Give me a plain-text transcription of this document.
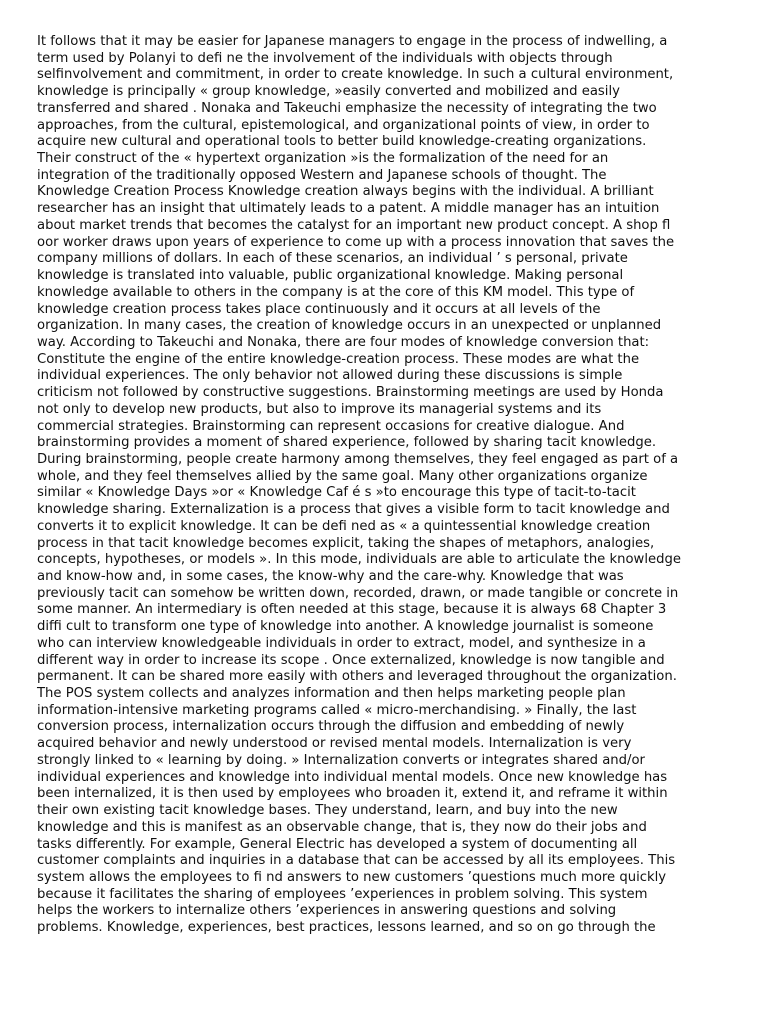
It follows that it may be easier for Japanese managers to engage in the process of indwelling, a
term used by Polanyi to defi ne the involvement of the individuals with objects through
selfinvolvement and commitment, in order to create knowledge. In such a cultural environment,
knowledge is principally « group knowledge, »easily converted and mobilized and easily
transferred and shared . Nonaka and Takeuchi emphasize the necessity of integrating the two
approaches, from the cultural, epistemological, and organizational points of view, in order to
acquire new cultural and operational tools to better build knowledge-creating organizations.
Their construct of the « hypertext organization »is the formalization of the need for an
integration of the traditionally opposed Western and Japanese schools of thought. The
Knowledge Creation Process Knowledge creation always begins with the individual. A brilliant
researcher has an insight that ultimately leads to a patent. A middle manager has an intuition
about market trends that becomes the catalyst for an important new product concept. A shop fl
oor worker draws upon years of experience to come up with a process innovation that saves the
company millions of dollars. In each of these scenarios, an individual ’ s personal, private
knowledge is translated into valuable, public organizational knowledge. Making personal
knowledge available to others in the company is at the core of this KM model. This type of
knowledge creation process takes place continuously and it occurs at all levels of the
organization. In many cases, the creation of knowledge occurs in an unexpected or unplanned
way. According to Takeuchi and Nonaka, there are four modes of knowledge conversion that:
Constitute the engine of the entire knowledge-creation process. These modes are what the
individual experiences. The only behavior not allowed during these discussions is simple
criticism not followed by constructive suggestions. Brainstorming meetings are used by Honda
not only to develop new products, but also to improve its managerial systems and its
commercial strategies. Brainstorming can represent occasions for creative dialogue. And
brainstorming provides a moment of shared experience, followed by sharing tacit knowledge.
During brainstorming, people create harmony among themselves, they feel engaged as part of a
whole, and they feel themselves allied by the same goal. Many other organizations organize
similar « Knowledge Days »or « Knowledge Caf é s »to encourage this type of tacit-to-tacit
knowledge sharing. Externalization is a process that gives a visible form to tacit knowledge and
converts it to explicit knowledge. It can be defi ned as « a quintessential knowledge creation
process in that tacit knowledge becomes explicit, taking the shapes of metaphors, analogies,
concepts, hypotheses, or models ». In this mode, individuals are able to articulate the knowledge
and know-how and, in some cases, the know-why and the care-why. Knowledge that was
previously tacit can somehow be written down, recorded, drawn, or made tangible or concrete in
some manner. An intermediary is often needed at this stage, because it is always 68 Chapter 3
diffi cult to transform one type of knowledge into another. A knowledge journalist is someone
who can interview knowledgeable individuals in order to extract, model, and synthesize in a
different way in order to increase its scope . Once externalized, knowledge is now tangible and
permanent. It can be shared more easily with others and leveraged throughout the organization.
The POS system collects and analyzes information and then helps marketing people plan
information-intensive marketing programs called « micro-merchandising. » Finally, the last
conversion process, internalization occurs through the diffusion and embedding of newly
acquired behavior and newly understood or revised mental models. Internalization is very
strongly linked to « learning by doing. » Internalization converts or integrates shared and/or
individual experiences and knowledge into individual mental models. Once new knowledge has
been internalized, it is then used by employees who broaden it, extend it, and reframe it within
their own existing tacit knowledge bases. They understand, learn, and buy into the new
knowledge and this is manifest as an observable change, that is, they now do their jobs and
tasks differently. For example, General Electric has developed a system of documenting all
customer complaints and inquiries in a database that can be accessed by all its employees. This
system allows the employees to fi nd answers to new customers ’questions much more quickly
because it facilitates the sharing of employees ’experiences in problem solving. This system
helps the workers to internalize others ’experiences in answering questions and solving
problems. Knowledge, experiences, best practices, lessons learned, and so on go through the
